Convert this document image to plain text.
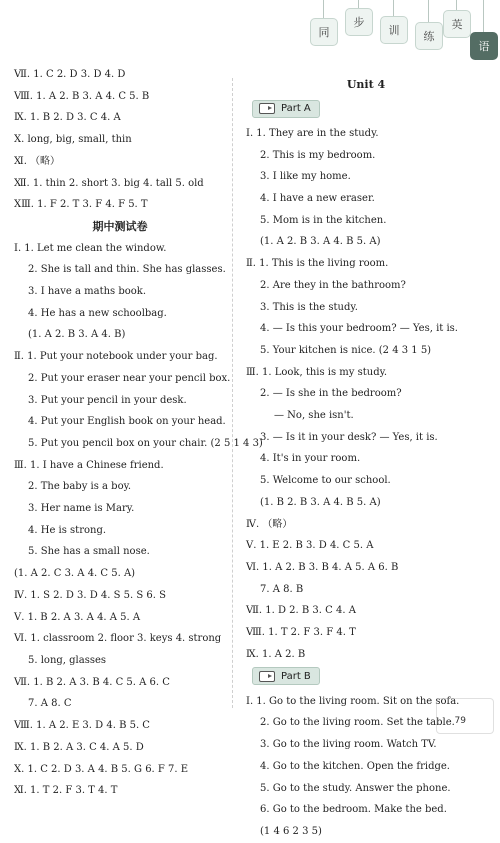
同
步
训	练
英
语
Ⅶ. 1. C 2. D 3. D 4. D
Ⅷ. 1. A 2. B 3. A 4. C 5. B
Ⅸ. 1. B 2. D 3. C 4. A
Ⅹ. long, big, small, thin
Ⅺ. （略）
Ⅻ. 1. thin 2. short 3. big 4. tall 5. old
ⅩⅢ. 1. F 2. T 3. F 4. F 5. T
期中测试卷
Ⅰ. 1. Let me clean the window.
2. She is tall and thin. She has glasses.
3. I have a maths book.
4. He has a new schoolbag.
(1. A 2. B 3. A 4. B)
Ⅱ. 1. Put your notebook under your bag.
2. Put your eraser near your pencil box.
3. Put your pencil in your desk.
4. Put your English book on your head.
5. Put you pencil box on your chair. (2 5 1 4 3)
Ⅲ. 1. I have a Chinese friend.
2. The baby is a boy.
3. Her name is Mary.
4. He is strong.
5. She has a small nose.
(1. A 2. C 3. A 4. C 5. A)
Ⅳ. 1. S 2. D 3. D 4. S 5. S 6. S
Ⅴ. 1. B 2. A 3. A 4. A 5. A
Ⅵ. 1. classroom 2. floor 3. keys 4. strong
5. long, glasses
Ⅶ. 1. B 2. A 3. B 4. C 5. A 6. C
7. A 8. C
Ⅷ. 1. A 2. E 3. D 4. B 5. C
Ⅸ. 1. B 2. A 3. C 4. A 5. D
Ⅹ. 1. C 2. D 3. A 4. B 5. G 6. F 7. E
Ⅺ. 1. T 2. F 3. T 4. T
Unit 4
Part A
Ⅰ. 1. They are in the study.
2. This is my bedroom.
3. I like my home.
4. I have a new eraser.
5. Mom is in the kitchen.
(1. A 2. B 3. A 4. B 5. A)
Ⅱ. 1. This is the living room.
2. Are they in the bathroom?
3. This is the study.
4. — Is this your bedroom? — Yes, it is.
5. Your kitchen is nice. (2 4 3 1 5)
Ⅲ. 1. Look, this is my study.
2. — Is she in the bedroom?
— No, she isn't.
3. — Is it in your desk? — Yes, it is.
4. It's in your room.
5. Welcome to our school.
(1. B 2. B 3. A 4. B 5. A)
Ⅳ. （略）
Ⅴ. 1. E 2. B 3. D 4. C 5. A
Ⅵ. 1. A 2. B 3. B 4. A 5. A 6. B
7. A 8. B
Ⅶ. 1. D 2. B 3. C 4. A
Ⅷ. 1. T 2. F 3. F 4. T
Ⅸ. 1. A 2. B
Part B
Ⅰ. 1. Go to the living room. Sit on the sofa.
2. Go to the living room. Set the table.
3. Go to the living room. Watch TV.
4. Go to the kitchen. Open the fridge.
5. Go to the study. Answer the phone.
6. Go to the bedroom. Make the bed.
(1 4 6 2 3 5)
79
